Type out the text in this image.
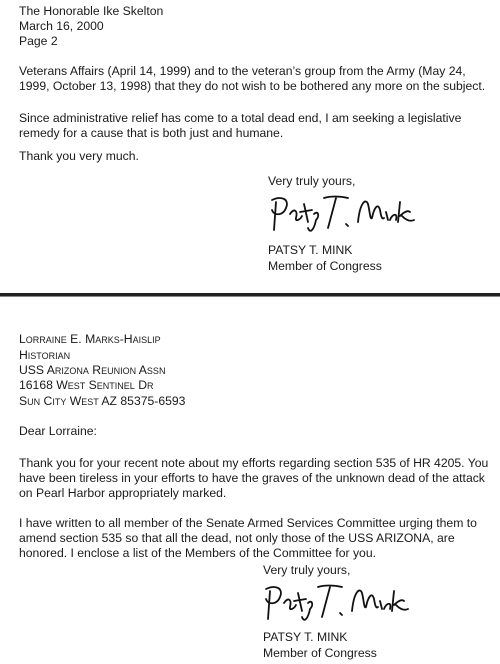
The Honorable Ike Skelton
March 16, 2000
Page 2
Veterans Affairs (April 14, 1999) and to the veteran’s group from the Army (May 24, 1999, October 13, 1998) that they do not wish to be bothered any more on the subject.
Since administrative relief has come to a total dead end, I am seeking a legislative remedy for a cause that is both just and humane.
Thank you very much.
Very truly yours,
PATSY T. MINK
Member of Congress
Lorraine E. Marks-Haislip
Historian
USS Arizona Reunion Assn
16168 West Sentinel Dr
Sun City West AZ 85375-6593
Dear Lorraine:
Thank you for your recent note about my efforts regarding section 535 of HR 4205. You have been tireless in your efforts to have the graves of the unknown dead of the attack on Pearl Harbor appropriately marked.
I have written to all member of the Senate Armed Services Committee urging them to amend section 535 so that all the dead, not only those of the USS ARIZONA, are honored. I enclose a list of the Members of the Committee for you.
Very truly yours,
PATSY T. MINK
Member of Congress
